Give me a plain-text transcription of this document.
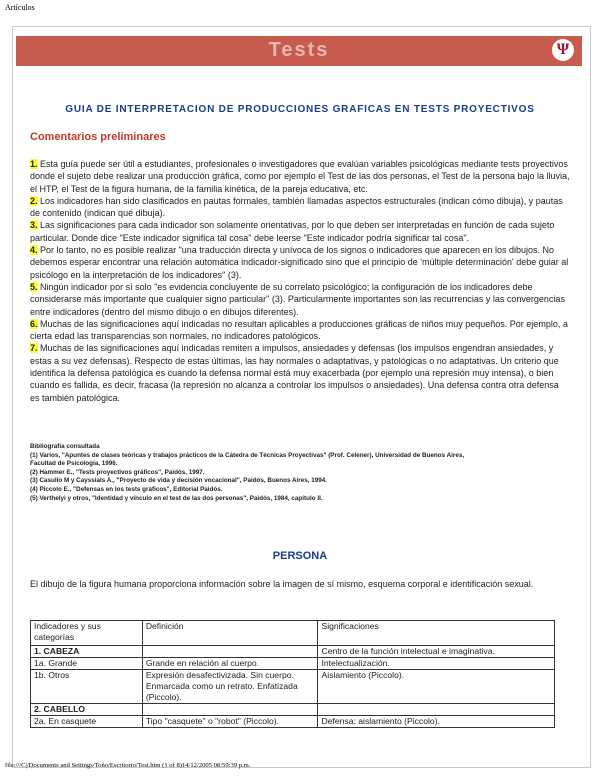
Artículos
Tests	Ψ
GUIA DE INTERPRETACION DE PRODUCCIONES GRAFICAS EN TESTS PROYECTIVOS
Comentarios preliminares

1. Esta guía puede ser útil a estudiantes, profesionales o investigadores que evalúan variables psicológicas mediante tests proyectivos donde el sujeto debe realizar una producción gráfica, como por ejemplo el Test de las dos personas, el Test de la persona bajo la lluvia, el HTP, el Test de la figura humana, de la familia kinética, de la pareja educativa, etc.

2. Los indicadores han sido clasificados en pautas formales, también llamadas aspectos estructurales (indican cómo dibuja), y pautas de contenido (indican qué dibuja).

3. Las significaciones para cada indicador son solamente orientativas, por lo que deben ser interpretadas en función de cada sujeto particular. Donde dice "Este indicador significa tal cosa" debe leerse "Este indicador podría significar tal cosa".

4. Por lo tanto, no es posible realizar "una traducción directa y unívoca de los signos o indicadores que aparecen en los dibujos. No debemos esperar encontrar una relación automática indicador-significado sino que el principio de 'múltiple determinación' debe guiar al psicólogo en la interpretación de los indicadores" (3).

5. Ningún indicador por sí solo "es evidencia concluyente de su correlato psicológico; la configuración de los indicadores debe considerarse más importante que cualquier signo particular" (3). Particularmente importantes son las recurrencias y las convergencias entre indicadores (dentro del mismo dibujo o en dibujos diferentes).

6. Muchas de las significaciones aquí indicadas no resultan aplicables a producciones gráficas de niños muy pequeños. Por ejemplo, a cierta edad las transparencias son normales, no indicadores patológicos.

7. Muchas de las significaciones aquí indicadas remiten a impulsos, ansiedades y defensas (los impulsos engendran ansiedades, y estas a su vez defensas). Respecto de estas últimas, las hay normales o adaptativas, y patológicas o no adaptativas. Un criterio que identifica la defensa patológica es cuando la defensa normal está muy exacerbada (por ejemplo una represión muy intensa), o bien cuando es fallida, es decir, fracasa (la represión no alcanza a controlar los impulsos o ansiedades). Una defensa contra otra defensa es también patológica.

Bibliografía consultada
(1) Varios, "Apuntes de clases teóricas y trabajos prácticos de la Cátedra de Técnicas Proyectivas" (Prof. Celener), Universidad de Buenos Aires,
Facultad de Psicología, 1996.
(2) Hammer E., "Tests proyectivos gráficos", Paidós, 1997.
(3) Casullo M y Cayssials A., "Proyecto de vida y decisión vocacional", Paidós, Buenos Aires, 1994.
(4) Piccolo E., "Defensas en los tests gráficos", Editorial Paidós.
(5) Verthelyi y otros, "Identidad y vínculo en el test de las dos personas", Paidós, 1984, capítulo II.
PERSONA
El dibujo de la figura humana proporciona información sobre la imagen de sí mismo, esquema corporal e identificación sexual.
Indicadores y sus categorías	Definición	Significaciones
1. CABEZA		Centro de la función intelectual e imaginativa.
1a. Grande	Grande en relación al cuerpo.	Intelectualización.
1b. Otros	Expresión desafectivizada. Sin cuerpo. Enmarcada como un retrato. Enfatizada (Piccolo).	Aislamiento (Piccolo).
2. CABELLO		
2a. En casquete	Tipo "casquete" o "robot" (Piccolo).	Defensa: aislamiento (Piccolo).
file:///C|/Documents and Settings/Toño/Escritorio/Test.htm (1 of 8)14/12/2005 08:59:39 p.m.
